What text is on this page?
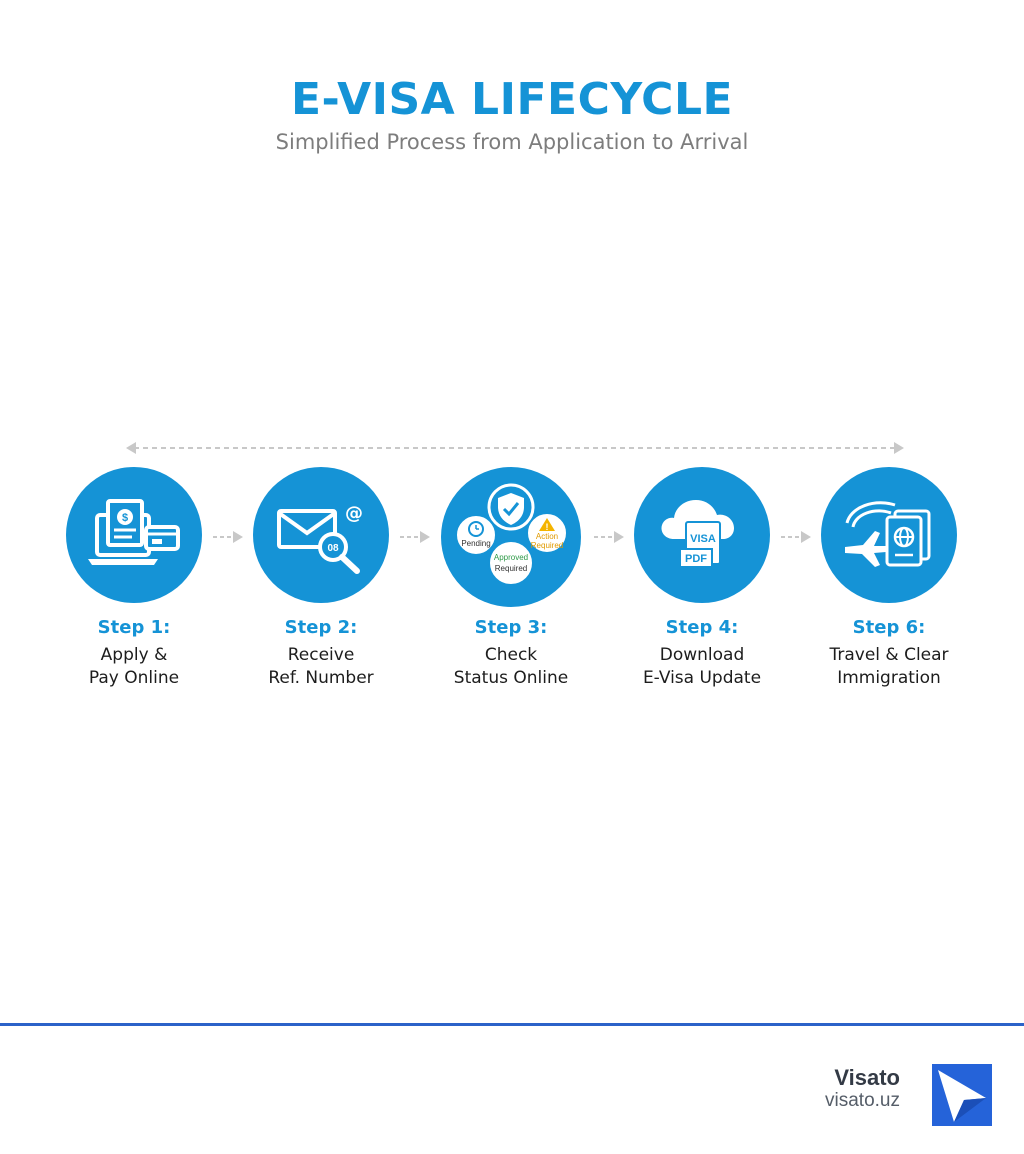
E-VISA LIFECYCLE
Simplified Process from Application to Arrival
$
Step 1:
Apply &
Pay Online
@
08
Step 2:
Receive
Ref. Number
Pending
!
Action
Required
Approved
Required
Step 3:
Check
Status Online
VISA
PDF
Step 4:
Download
E-Visa Update
Step 6:
Travel & Clear
Immigration
Visato
visato.uz
